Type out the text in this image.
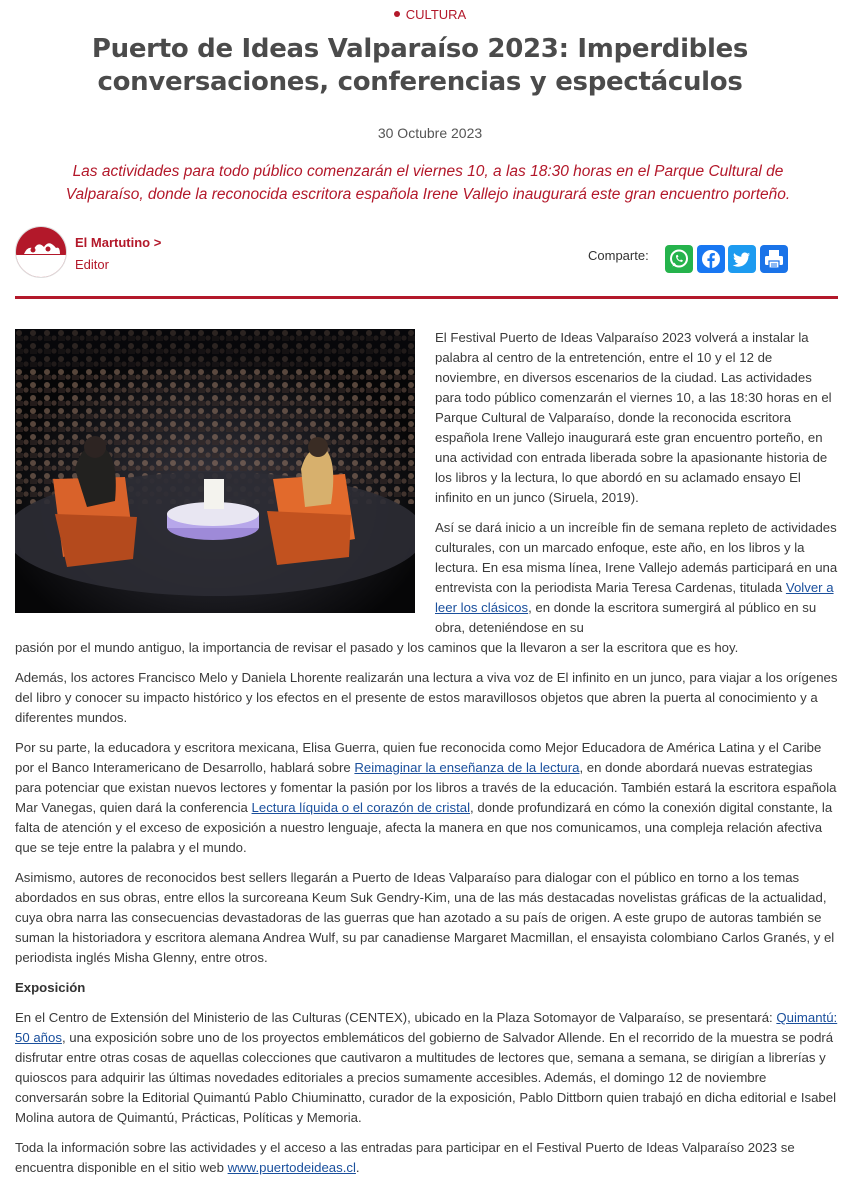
CULTURA
Puerto de Ideas Valparaíso 2023: Imperdibles conversaciones, conferencias y espectáculos
30 Octubre 2023

Las actividades para todo público comenzarán el viernes 10, a las 18:30 horas en el Parque Cultural de Valparaíso, donde la reconocida escritora española Irene Vallejo inaugurará este gran encuentro porteño.

El Martutino >
Editor
Comparte:

El Festival Puerto de Ideas Valparaíso 2023 volverá a instalar la palabra al centro de la entretención, entre el 10 y el 12 de noviembre, en diversos escenarios de la ciudad. Las actividades para todo público comenzarán el viernes 10, a las 18:30 horas en el Parque Cultural de Valparaíso, donde la reconocida escritora española Irene Vallejo inaugurará este gran encuentro porteño, en una actividad con entrada liberada sobre la apasionante historia de los libros y la lectura, lo que abordó en su aclamado ensayo El infinito en un junco (Siruela, 2019).

Así se dará inicio a un increíble fin de semana repleto de actividades culturales, con un marcado enfoque, este año, en los libros y la lectura. En esa misma línea, Irene Vallejo además participará en una entrevista con la periodista Maria Teresa Cardenas, titulada Volver a leer los clásicos, en donde la escritora sumergirá al público en su obra, deteniéndose en su

pasión por el mundo antiguo, la importancia de revisar el pasado y los caminos que la llevaron a ser la escritora que es hoy.

Además, los actores Francisco Melo y Daniela Lhorente realizarán una lectura a viva voz de El infinito en un junco, para viajar a los orígenes del libro y conocer su impacto histórico y los efectos en el presente de estos maravillosos objetos que abren la puerta al conocimiento y a diferentes mundos.

Por su parte, la educadora y escritora mexicana, Elisa Guerra, quien fue reconocida como Mejor Educadora de América Latina y el Caribe por el Banco Interamericano de Desarrollo, hablará sobre Reimaginar la enseñanza de la lectura, en donde abordará nuevas estrategias para potenciar que existan nuevos lectores y fomentar la pasión por los libros a través de la educación. También estará la escritora española Mar Vanegas, quien dará la conferencia Lectura líquida o el corazón de cristal, donde profundizará en cómo la conexión digital constante, la falta de atención y el exceso de exposición a nuestro lenguaje, afecta la manera en que nos comunicamos, una compleja relación afectiva que se teje entre la palabra y el mundo.

Asimismo, autores de reconocidos best sellers llegarán a Puerto de Ideas Valparaíso para dialogar con el público en torno a los temas abordados en sus obras, entre ellos la surcoreana Keum Suk Gendry-Kim, una de las más destacadas novelistas gráficas de la actualidad, cuya obra narra las consecuencias devastadoras de las guerras que han azotado a su país de origen. A este grupo de autoras también se suman la historiadora y escritora alemana Andrea Wulf, su par canadiense Margaret Macmillan, el ensayista colombiano Carlos Granés, y el periodista inglés Misha Glenny, entre otros.

Exposición

En el Centro de Extensión del Ministerio de las Culturas (CENTEX), ubicado en la Plaza Sotomayor de Valparaíso, se presentará: Quimantú: 50 años, una exposición sobre uno de los proyectos emblemáticos del gobierno de Salvador Allende. En el recorrido de la muestra se podrá disfrutar entre otras cosas de aquellas colecciones que cautivaron a multitudes de lectores que, semana a semana, se dirigían a librerías y quioscos para adquirir las últimas novedades editoriales a precios sumamente accesibles. Además, el domingo 12 de noviembre conversarán sobre la Editorial Quimantú Pablo Chiuminatto, curador de la exposición, Pablo Dittborn quien trabajó en dicha editorial e Isabel Molina autora de Quimantú, Prácticas, Políticas y Memoria.

Toda la información sobre las actividades y el acceso a las entradas para participar en el Festival Puerto de Ideas Valparaíso 2023 se encuentra disponible en el sitio web www.puertodeideas.cl.
